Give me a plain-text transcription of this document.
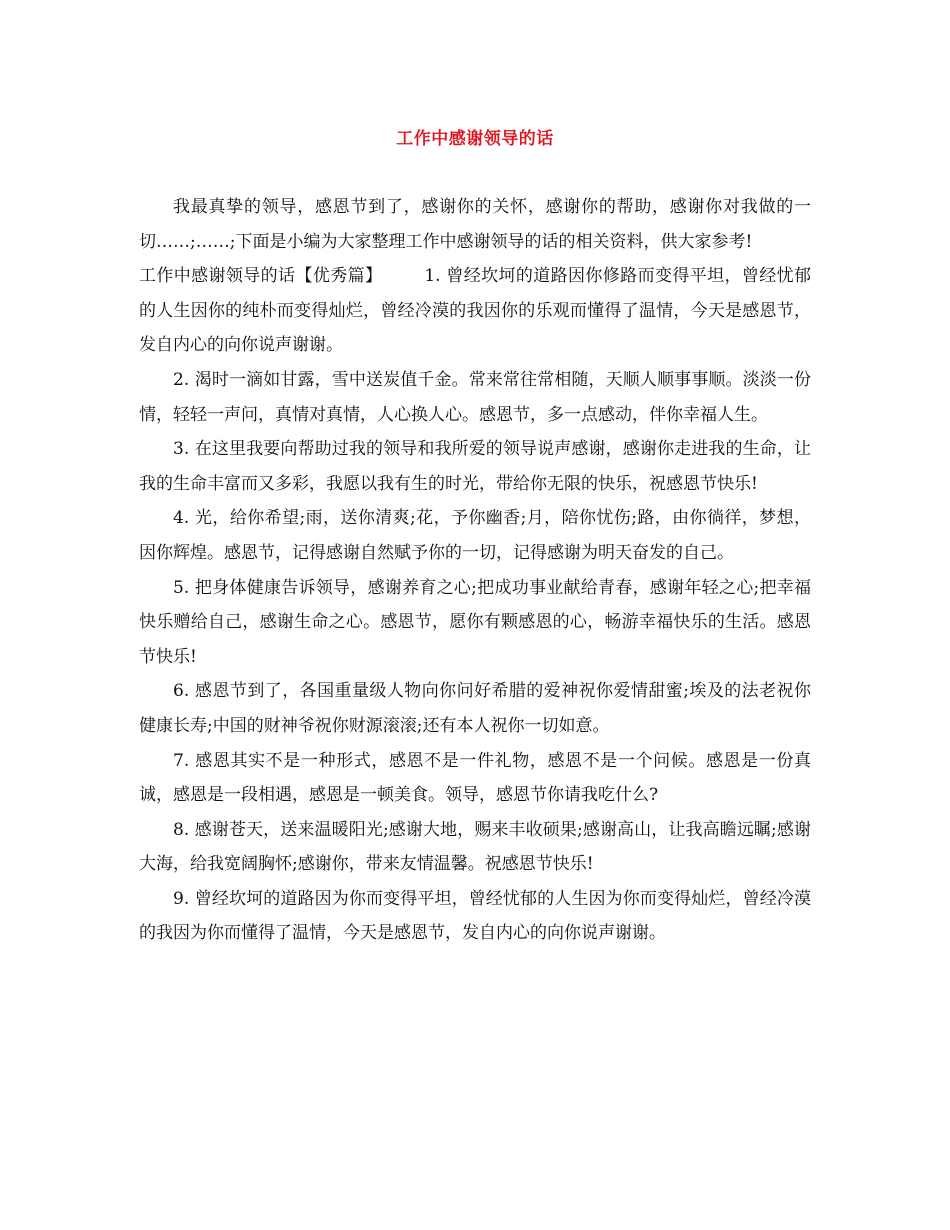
工作中感谢领导的话

我最真挚的领导，感恩节到了，感谢你的关怀，感谢你的帮助，感谢你对我做的一切……;……;下面是小编为大家整理工作中感谢领导的话的相关资料，供大家参考!

工作中感谢领导的话【优秀篇】 1. 曾经坎坷的道路因你修路而变得平坦，曾经忧郁的人生因你的纯朴而变得灿烂，曾经冷漠的我因你的乐观而懂得了温情，今天是感恩节，发自内心的向你说声谢谢。

2. 渴时一滴如甘露，雪中送炭值千金。常来常往常相随，天顺人顺事事顺。淡淡一份情，轻轻一声问，真情对真情，人心换人心。感恩节，多一点感动，伴你幸福人生。

3. 在这里我要向帮助过我的领导和我所爱的领导说声感谢，感谢你走进我的生命，让我的生命丰富而又多彩，我愿以我有生的时光，带给你无限的快乐，祝感恩节快乐!

4. 光，给你希望;雨，送你清爽;花，予你幽香;月，陪你忧伤;路，由你徜徉，梦想，因你辉煌。感恩节，记得感谢自然赋予你的一切，记得感谢为明天奋发的自己。

5. 把身体健康告诉领导，感谢养育之心;把成功事业献给青春，感谢年轻之心;把幸福快乐赠给自己，感谢生命之心。感恩节，愿你有颗感恩的心，畅游幸福快乐的生活。感恩节快乐!

6. 感恩节到了，各国重量级人物向你问好希腊的爱神祝你爱情甜蜜;埃及的法老祝你健康长寿;中国的财神爷祝你财源滚滚;还有本人祝你一切如意。

7. 感恩其实不是一种形式，感恩不是一件礼物，感恩不是一个问候。感恩是一份真诚，感恩是一段相遇，感恩是一顿美食。领导，感恩节你请我吃什么?

8. 感谢苍天，送来温暖阳光;感谢大地，赐来丰收硕果;感谢高山，让我高瞻远瞩;感谢大海，给我宽阔胸怀;感谢你，带来友情温馨。祝感恩节快乐!

9. 曾经坎坷的道路因为你而变得平坦，曾经忧郁的人生因为你而变得灿烂，曾经冷漠的我因为你而懂得了温情，今天是感恩节，发自内心的向你说声谢谢。
